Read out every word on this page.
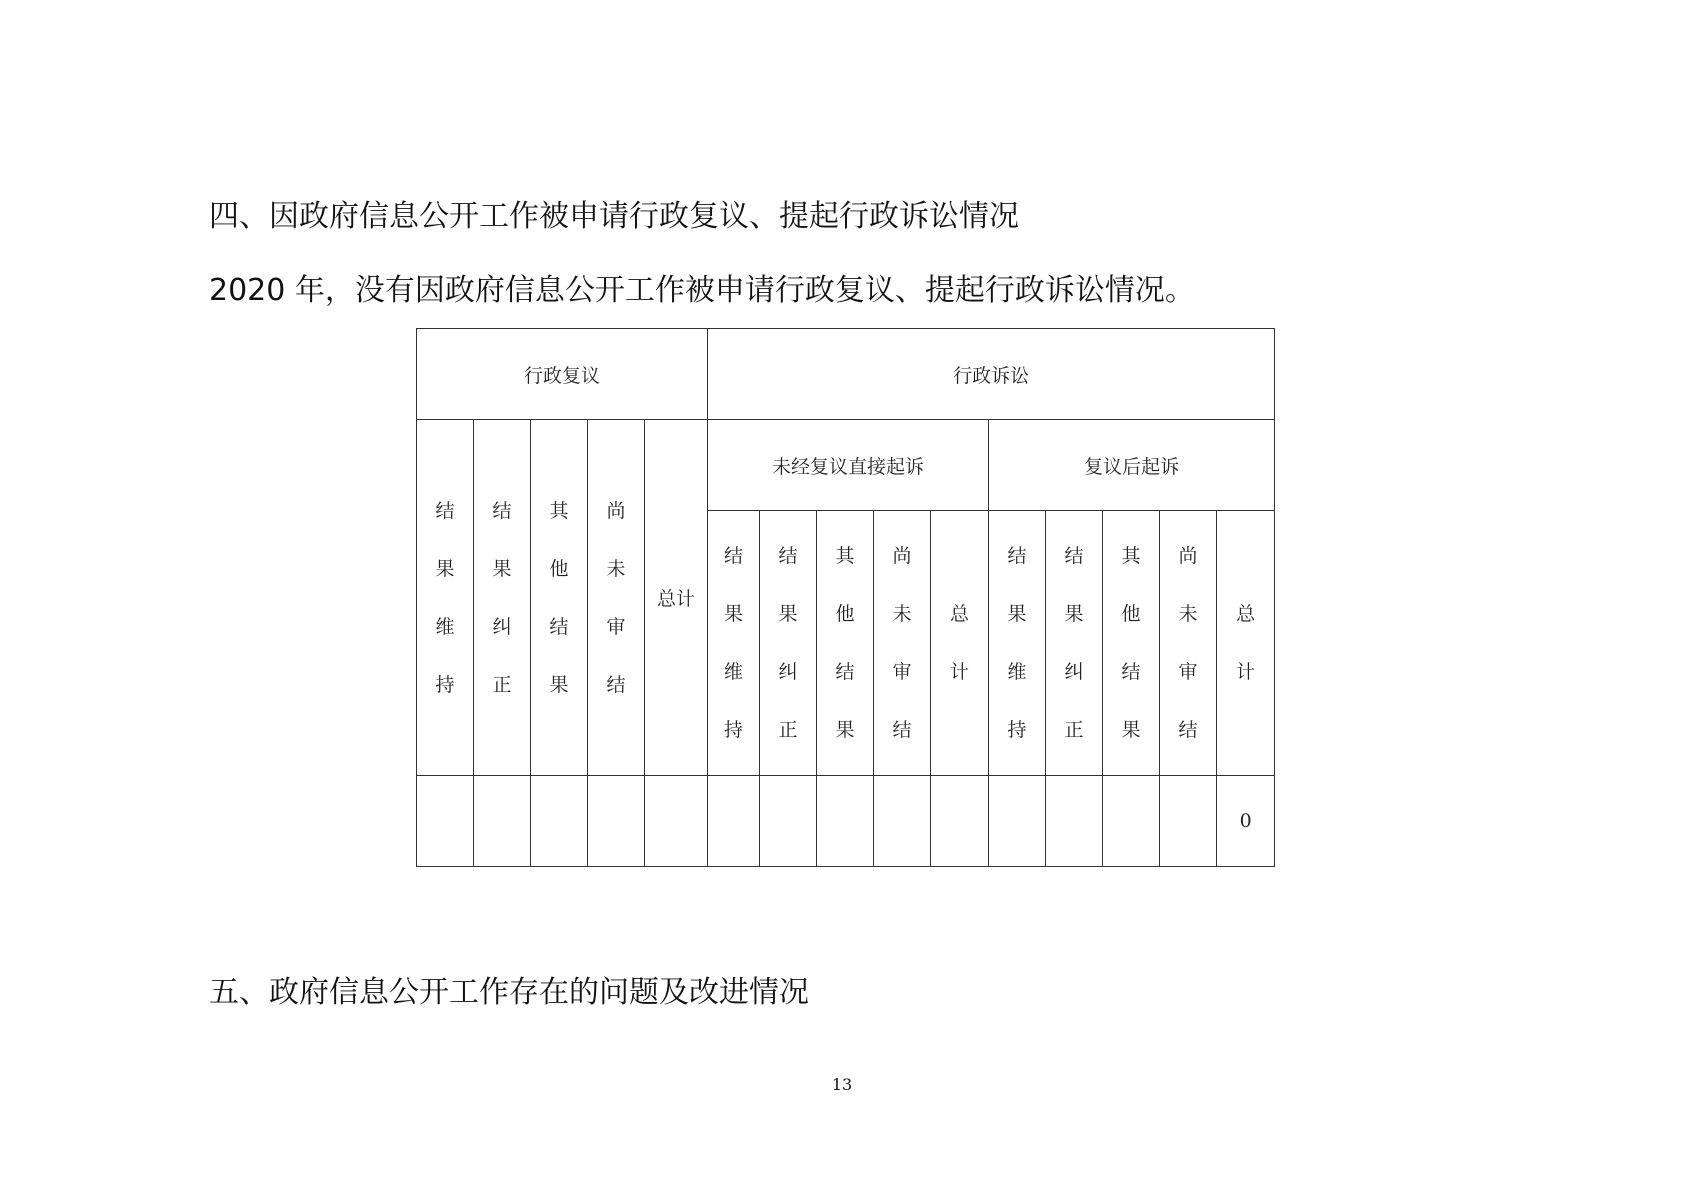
四、因政府信息公开工作被申请行政复议、提起行政诉讼情况
2020 年，没有因政府信息公开工作被申请行政复议、提起行政诉讼情况。
行政复议					行政诉讼									
结果维持	结果纠正	其他结果	尚未审结	总计	未经复议直接起诉					复议后起诉				
					结果维持	结果纠正	其他结果	尚未审结	总计	结果维持	结果纠正	其他结果	尚未审结	总计
														0
五、政府信息公开工作存在的问题及改进情况
13
